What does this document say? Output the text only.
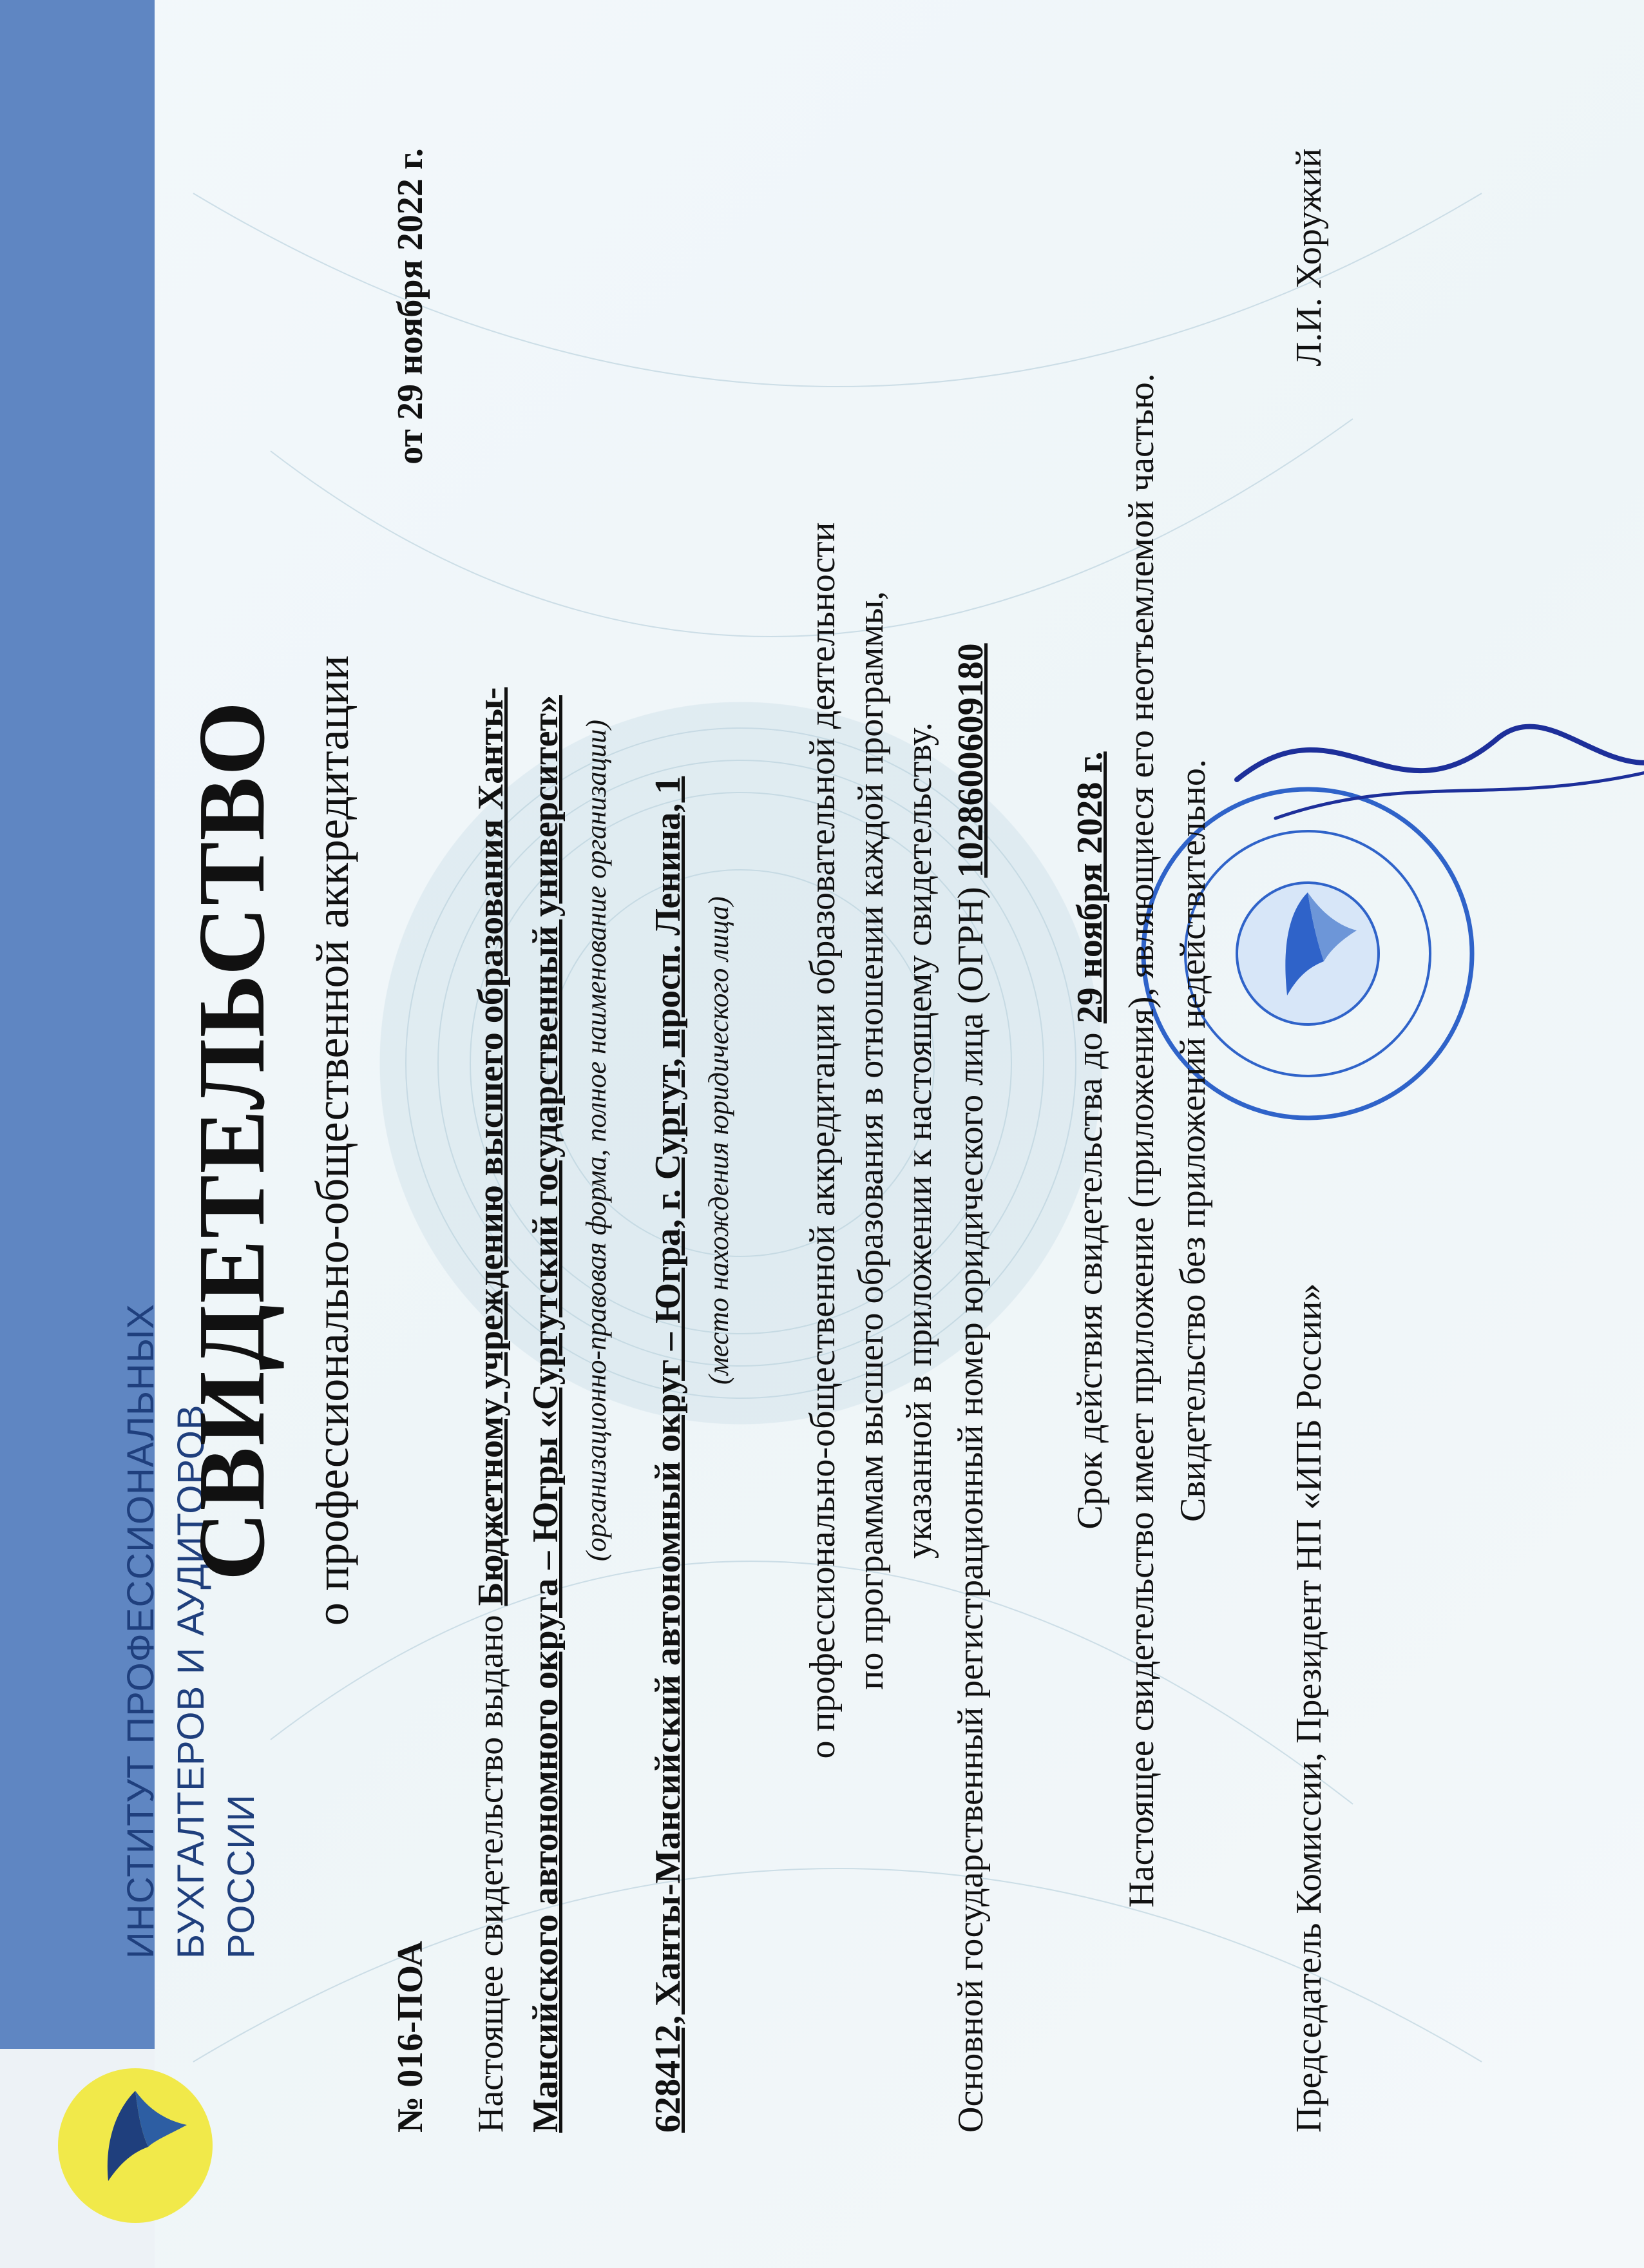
ИНСТИТУТ ПРОФЕССИОНАЛЬНЫХ БУХГАЛТЕРОВ И АУДИТОРОВ РОССИИ
СВИДЕТЕЛЬСТВО о профессионально-общественной аккредитации
№ 016-ПОА
от 29 ноября 2022 г.
Настоящее свидетельство выдано Бюджетному учреждению высшего образования Ханты- Мансийского автономного округа – Югры «Сургутский государственный университет» (организационно-правовая форма, полное наименование организации) 628412, Ханты-Мансийский автономный округ – Югра, г. Сургут, просп. Ленина, 1 (место нахождения юридического лица) о профессионально-общественной аккредитации образовательной деятельности по программам высшего образования в отношении каждой программы, указанной в приложении к настоящему свидетельству. Основной государственный регистрационный номер юридического лица (ОГРН) 1028600609180
Срок действия свидетельства до 29 ноября 2028 г. Настоящее свидетельство имеет приложение (приложения), являющиеся его неотъемлемой частью. Свидетельство без приложений недействительно.
Председатель Комиссии, Президент НП «ИПБ России»
Л.И. Хоружий
